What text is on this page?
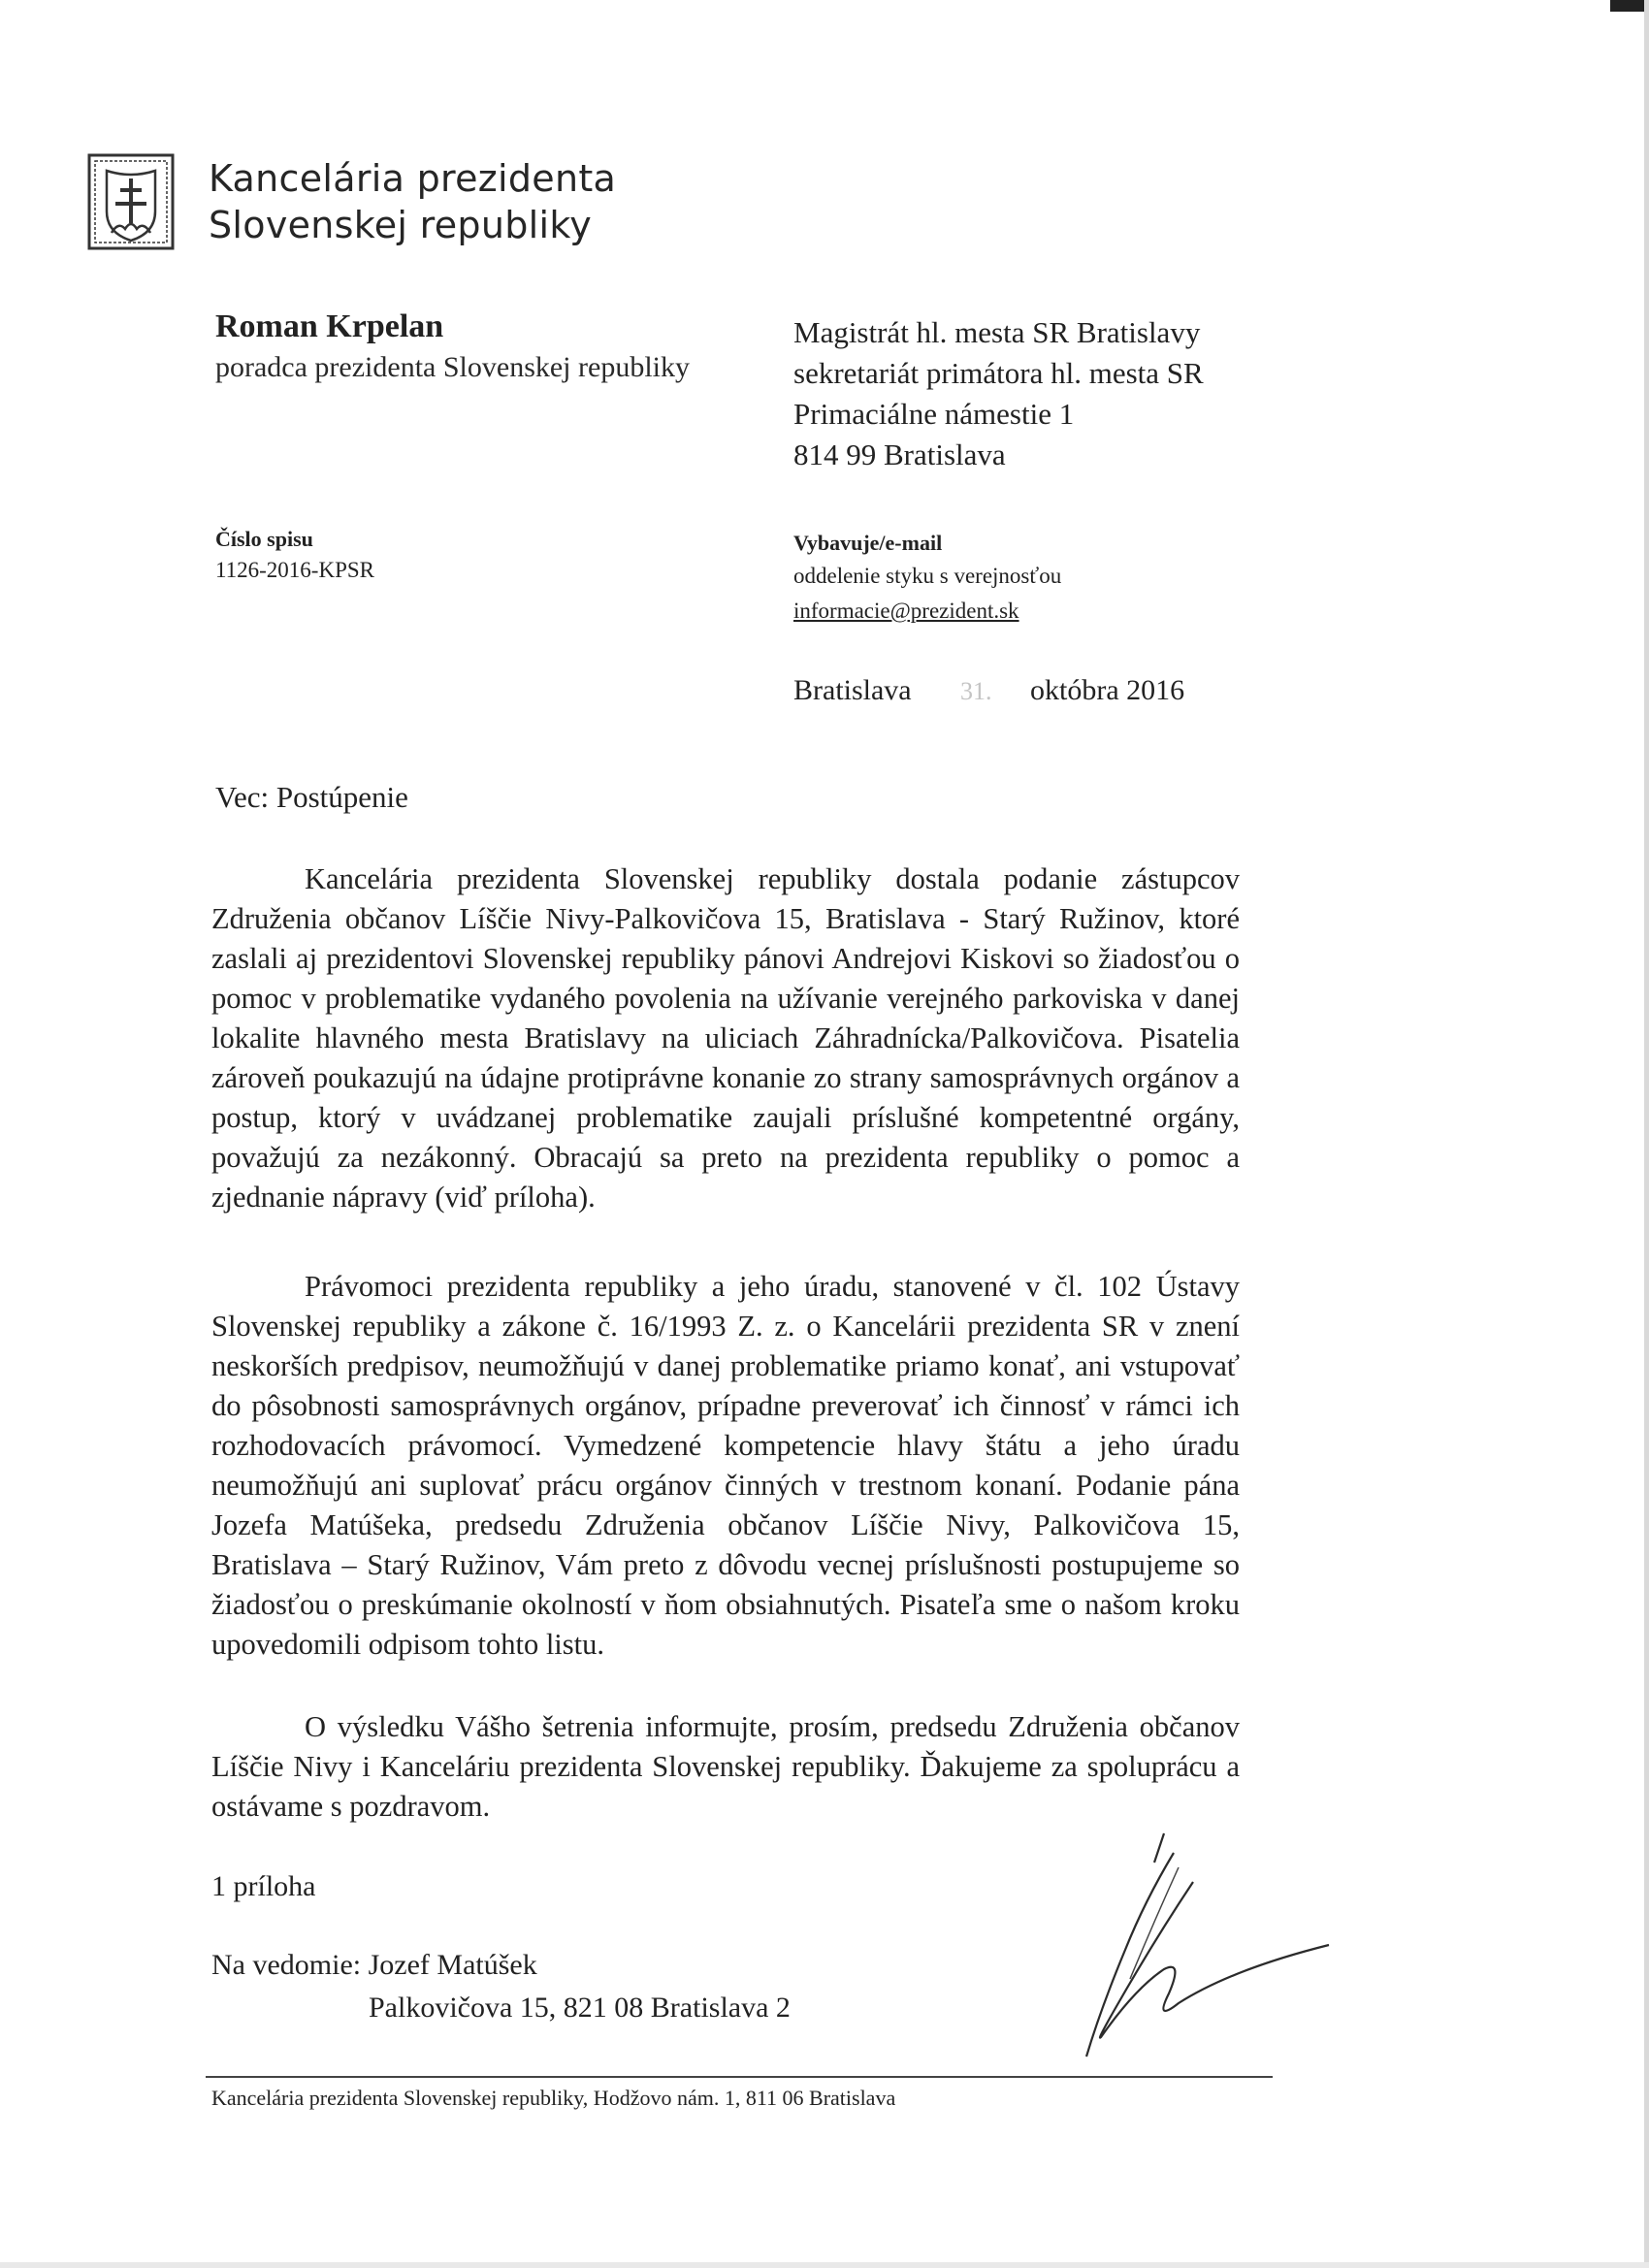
Kancelária prezidenta
Slovenskej republiky
Roman Krpelan
poradca prezidenta Slovenskej republiky
Magistrát hl. mesta SR Bratislavy
sekretariát primátora hl. mesta SR
Primaciálne námestie 1
814 99 Bratislava
Číslo spisu
1126-2016-KPSR
Vybavuje/e-mail
oddelenie styku s verejnosťou
informacie@prezident.sk
Bratislava 31. októbra 2016
Vec: Postúpenie
Kancelária prezidenta Slovenskej republiky dostala podanie zástupcov Združenia občanov Líščie Nivy-Palkovičova 15, Bratislava - Starý Ružinov, ktoré zaslali aj prezidentovi Slovenskej republiky pánovi Andrejovi Kiskovi so žiadosťou o pomoc v problematike vydaného povolenia na užívanie verejného parkoviska v danej lokalite hlavného mesta Bratislavy na uliciach Záhradnícka/Palkovičova. Pisatelia zároveň poukazujú na údajne protiprávne konanie zo strany samosprávnych orgánov a postup, ktorý v uvádzanej problematike zaujali príslušné kompetentné orgány, považujú za nezákonný. Obracajú sa preto na prezidenta republiky o pomoc a zjednanie nápravy (viď príloha).
Právomoci prezidenta republiky a jeho úradu, stanovené v čl. 102 Ústavy Slovenskej republiky a zákone č. 16/1993 Z. z. o Kancelárii prezidenta SR v znení neskorších predpisov, neumožňujú v danej problematike priamo konať, ani vstupovať do pôsobnosti samosprávnych orgánov, prípadne preverovať ich činnosť v rámci ich rozhodovacích právomocí. Vymedzené kompetencie hlavy štátu a jeho úradu neumožňujú ani suplovať prácu orgánov činných v trestnom konaní. Podanie pána Jozefa Matúšeka, predsedu Združenia občanov Líščie Nivy, Palkovičova 15, Bratislava – Starý Ružinov, Vám preto z dôvodu vecnej príslušnosti postupujeme so žiadosťou o preskúmanie okolností v ňom obsiahnutých. Pisateľa sme o našom kroku upovedomili odpisom tohto listu.
O výsledku Vášho šetrenia informujte, prosím, predsedu Združenia občanov Líščie Nivy i Kanceláriu prezidenta Slovenskej republiky. Ďakujeme za spoluprácu a ostávame s pozdravom.
1 príloha
Na vedomie: Jozef Matúšek
Palkovičova 15, 821 08 Bratislava 2
Kancelária prezidenta Slovenskej republiky, Hodžovo nám. 1, 811 06 Bratislava
